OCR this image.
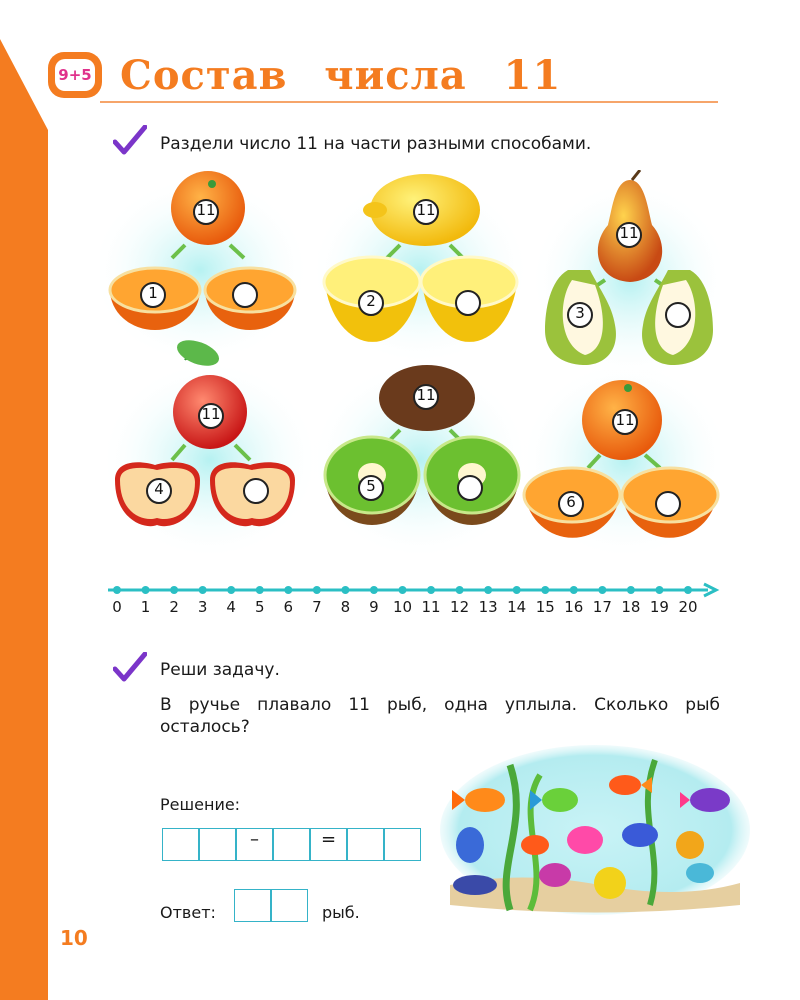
9+5 Состав числа 11
Раздели число 11 на части разными способами.
11
1
11
2
11
3
11
4
11
5
11
6
0	1	2	3	4	5	6	7	8	9 10 11 12 13 14 15 16 17 18 19 20
Реши задачу.
В ручье плавало 11 рыб, одна уплыла. Сколько рыб осталось?
Решение:
–	=
Ответ:	рыб.
10
